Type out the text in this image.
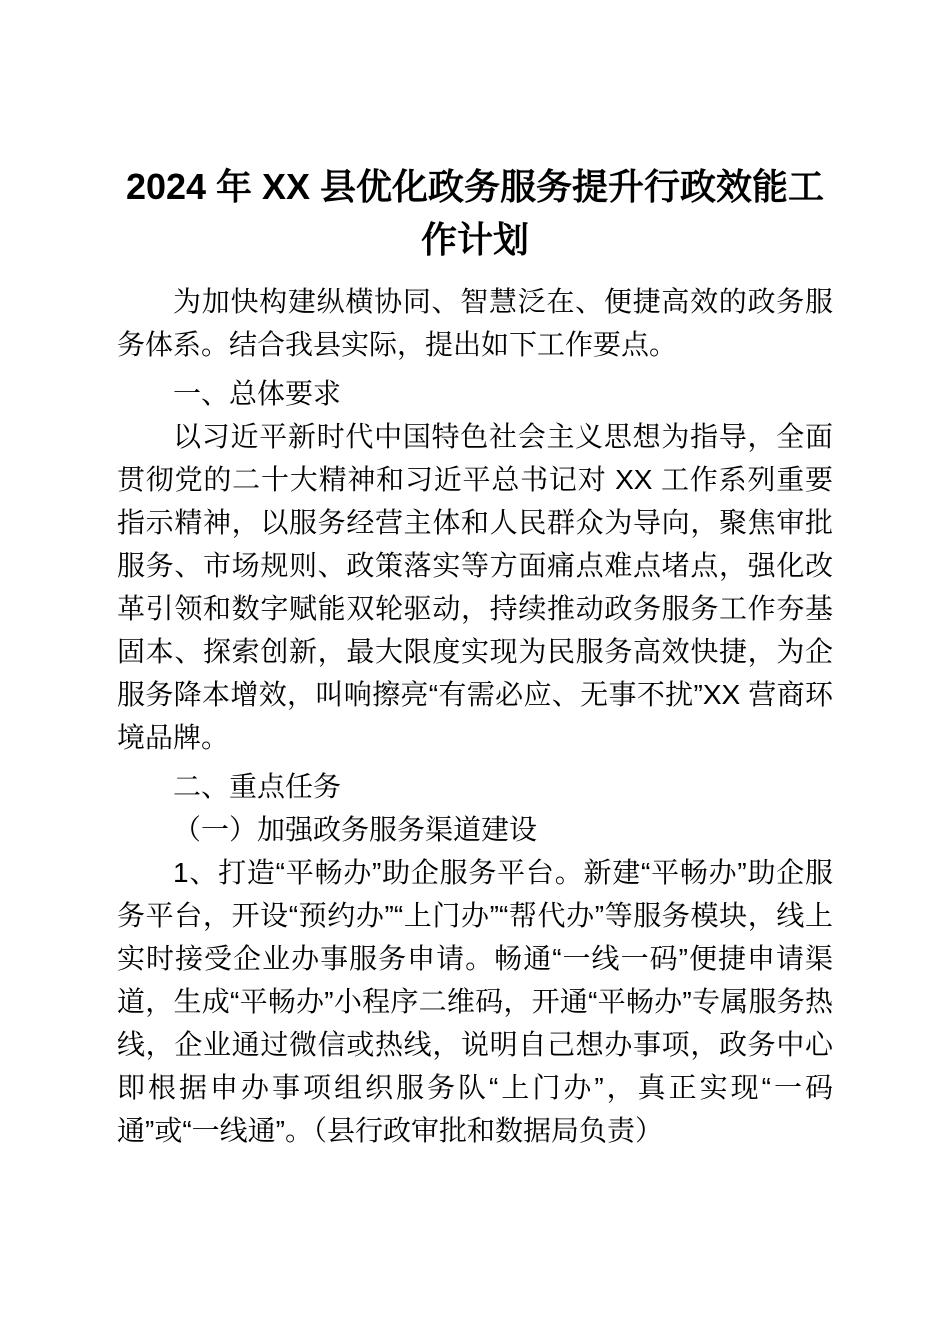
2024 年 XX 县优化政务服务提升行政效能工作计划

为加快构建纵横协同、智慧泛在、便捷高效的政务服务体系。结合我县实际，提出如下工作要点。

一、总体要求

以习近平新时代中国特色社会主义思想为指导，全面贯彻党的二十大精神和习近平总书记对 XX 工作系列重要指示精神，以服务经营主体和人民群众为导向，聚焦审批服务、市场规则、政策落实等方面痛点难点堵点，强化改革引领和数字赋能双轮驱动，持续推动政务服务工作夯基固本、探索创新，最大限度实现为民服务高效快捷，为企服务降本增效，叫响擦亮“有需必应、无事不扰”XX 营商环境品牌。

二、重点任务

（一）加强政务服务渠道建设

1、打造“平畅办”助企服务平台。新建“平畅办”助企服务平台，开设“预约办”“上门办”“帮代办”等服务模块，线上实时接受企业办事服务申请。畅通“一线一码”便捷申请渠道，生成“平畅办”小程序二维码，开通“平畅办”专属服务热线，企业通过微信或热线，说明自己想办事项，政务中心即根据申办事项组织服务队“上门办”，真正实现“一码通”或“一线通”。（县行政审批和数据局负责）
